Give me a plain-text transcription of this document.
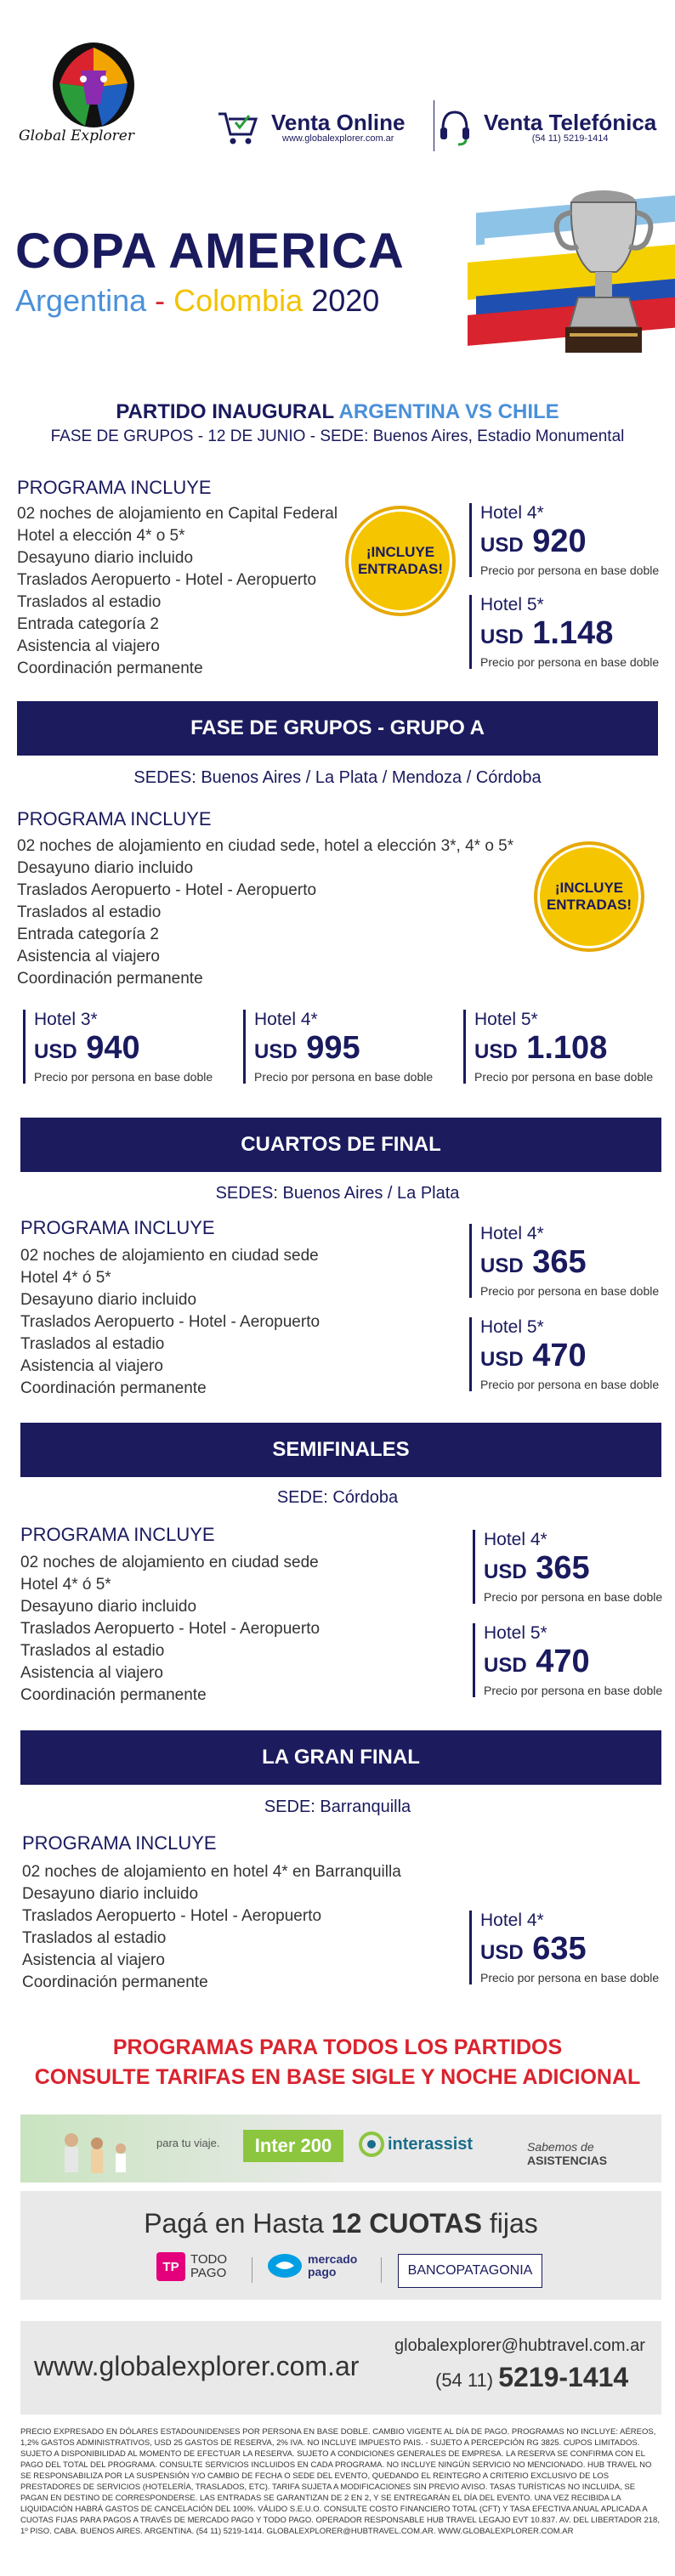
Global Explorer
Venta Online
www.globalexplorer.com.ar
Venta Telefónica
(54 11) 5219-1414
COPA AMERICA
Argentina - Colombia 2020
PARTIDO INAUGURAL ARGENTINA VS CHILE
FASE DE GRUPOS - 12 DE JUNIO - SEDE: Buenos Aires, Estadio Monumental
PROGRAMA INCLUYE
02 noches de alojamiento en Capital Federal
Hotel a elección 4* o 5*
Desayuno diario incluido
Traslados Aeropuerto - Hotel - Aeropuerto
Traslados al estadio
Entrada categoría 2
Asistencia al viajero
Coordinación permanente
¡INCLUYE ENTRADAS!
Hotel 4*
USD 920
Precio por persona en base doble
Hotel 5*
USD 1.148
Precio por persona en base doble
FASE DE GRUPOS - GRUPO A
SEDES: Buenos Aires / La Plata / Mendoza / Córdoba
PROGRAMA INCLUYE
02 noches de alojamiento en ciudad sede, hotel a elección 3*, 4* o 5*
Desayuno diario incluido
Traslados Aeropuerto - Hotel - Aeropuerto
Traslados al estadio
Entrada categoría 2
Asistencia al viajero
Coordinación permanente
¡INCLUYE ENTRADAS!
Hotel 3*
USD 940
Precio por persona en base doble
Hotel 4*
USD 995
Precio por persona en base doble
Hotel 5*
USD 1.108
Precio por persona en base doble
CUARTOS DE FINAL
SEDES: Buenos Aires / La Plata
PROGRAMA INCLUYE
02 noches de alojamiento en ciudad sede
Hotel 4* ó 5*
Desayuno diario incluido
Traslados Aeropuerto - Hotel - Aeropuerto
Traslados al estadio
Asistencia al viajero
Coordinación permanente
Hotel 4*
USD 365
Precio por persona en base doble
Hotel 5*
USD 470
Precio por persona en base doble
SEMIFINALES
SEDE: Córdoba
PROGRAMA INCLUYE
02 noches de alojamiento en ciudad sede
Hotel 4* ó 5*
Desayuno diario incluido
Traslados Aeropuerto - Hotel - Aeropuerto
Traslados al estadio
Asistencia al viajero
Coordinación permanente
Hotel 4*
USD 365
Precio por persona en base doble
Hotel 5*
USD 470
Precio por persona en base doble
LA GRAN FINAL
SEDE: Barranquilla
PROGRAMA INCLUYE
02 noches de alojamiento en hotel 4* en Barranquilla
Desayuno diario incluido
Traslados Aeropuerto - Hotel - Aeropuerto
Traslados al estadio
Asistencia al viajero
Coordinación permanente
Hotel 4*
USD 635
Precio por persona en base doble
PROGRAMAS PARA TODOS LOS PARTIDOS
CONSULTE TARIFAS EN BASE SIGLE Y NOCHE ADICIONAL
para tu viaje.	Inter 200	interassist	Sabemos de ASISTENCIAS
Pagá en Hasta 12 CUOTAS fijas
TP TODO
PAGO
mercado
pago	BANCOPATAGONIA
www.globalexplorer.com.ar
globalexplorer@hubtravel.com.ar
(54 11) 5219-1414
PRECIO EXPRESADO EN DÓLARES ESTADOUNIDENSES POR PERSONA EN BASE DOBLE. CAMBIO VIGENTE AL DÍA DE PAGO. PROGRAMAS NO INCLUYE: AÉREOS, 1,2% GASTOS ADMINISTRATIVOS, USD 25 GASTOS DE RESERVA, 2% IVA. NO INCLUYE IMPUESTO PAIS. - SUJETO A PERCEPCIÓN RG 3825. CUPOS LIMITADOS. SUJETO A DISPONIBILIDAD AL MOMENTO DE EFECTUAR LA RESERVA. SUJETO A CONDICIONES GENERALES DE EMPRESA. LA RESERVA SE CONFIRMA CON EL PAGO DEL TOTAL DEL PROGRAMA. CONSULTE SERVICIOS INCLUIDOS EN CADA PROGRAMA. NO INCLUYE NINGÚN SERVICIO NO MENCIONADO. HUB TRAVEL NO SE RESPONSABILIZA POR LA SUSPENSIÓN Y/O CAMBIO DE FECHA O SEDE DEL EVENTO, QUEDANDO EL REINTEGRO A CRITERIO EXCLUSIVO DE LOS PRESTADORES DE SERVICIOS (HOTELERÍA, TRASLADOS, ETC). TARIFA SUJETA A MODIFICACIONES SIN PREVIO AVISO. TASAS TURÍSTICAS NO INCLUIDA, SE PAGAN EN DESTINO DE CORRESPONDERSE. LAS ENTRADAS SE GARANTIZAN DE 2 EN 2, Y SE ENTREGARÁN EL DÍA DEL EVENTO. UNA VEZ RECIBIDA LA LIQUIDACIÓN HABRÁ GASTOS DE CANCELACIÓN DEL 100%. VÁLIDO S.E.U.O. CONSULTE COSTO FINANCIERO TOTAL (CFT) Y TASA EFECTIVA ANUAL APLICADA A CUOTAS FIJAS PARA PAGOS A TRAVÉS DE MERCADO PAGO Y TODO PAGO. OPERADOR RESPONSABLE HUB TRAVEL LEGAJO EVT 10.837. AV. DEL LIBERTADOR 218, 1º PISO. CABA. BUENOS AIRES. ARGENTINA. (54 11) 5219-1414. GLOBALEXPLORER@HUBTRAVEL.COM.AR. WWW.GLOBALEXPLORER.COM.AR
